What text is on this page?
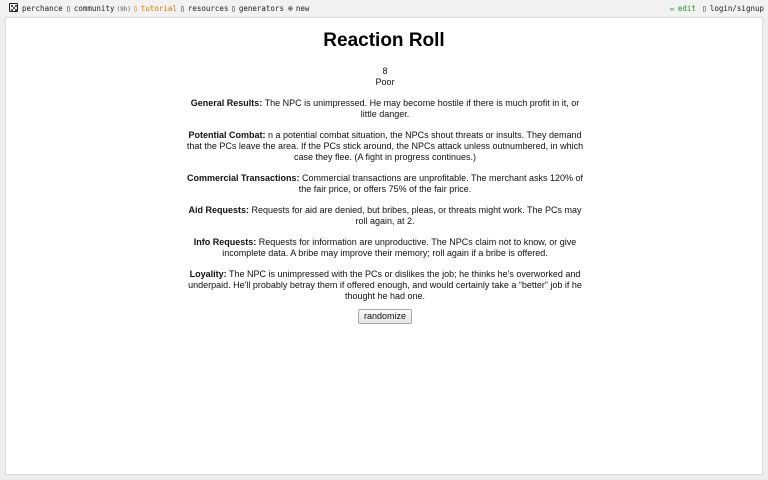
perchance ▯ community (9h) ▯ tutorial ▯ resources ▯ generators ⊕ new	✏ edit ▯ login/signup
Reaction Roll
8
Poor
General Results: The NPC is unimpressed. He may become hostile if there is much profit in it, or little danger.
Potential Combat: n a potential combat situation, the NPCs shout threats or insults. They demand that the PCs leave the area. If the PCs stick around, the NPCs attack unless outnumbered, in which case they flee. (A fight in progress continues.)
Commercial Transactions: Commercial transactions are unprofitable. The merchant asks 120% of the fair price, or offers 75% of the fair price.
Aid Requests: Requests for aid are denied, but bribes, pleas, or threats might work. The PCs may roll again, at 2.
Info Requests: Requests for information are unproductive. The NPCs claim not to know, or give incomplete data. A bribe may improve their memory; roll again if a bribe is offered.
Loyality: The NPC is unimpressed with the PCs or dislikes the job; he thinks he's overworked and underpaid. He'll probably betray them if offered enough, and would certainly take a “better” job if he thought he had one.
randomize
